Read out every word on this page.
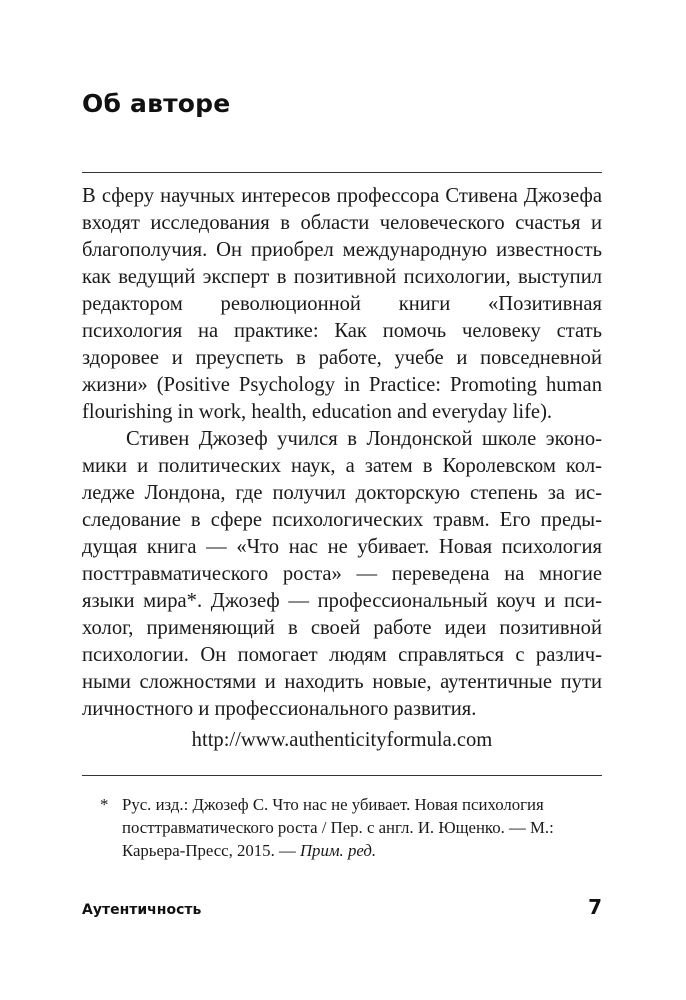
Об авторе

В сферу научных интересов профессора Стивена Джозефа входят исследования в области человеческого счастья и благополучия. Он приобрел международную известность как ведущий эксперт в позитивной психологии, выступил редактором революционной книги «Позитивная психология на практике: Как помочь человеку стать здоровее и преуспеть в работе, учебе и повседневной жизни» (Positive Psychology in Practice: Promoting human flourishing in work, health, education and everyday life).

Стивен Джозеф учился в Лондонской школе экономики и политических наук, а затем в Королевском колледже Лондона, где получил докторскую степень за исследование в сфере психологических травм. Его предыдущая книга — «Что нас не убивает. Новая психология посттравматического роста» — переведена на многие языки мира*. Джозеф — профессиональный коуч и психолог, применяющий в своей работе идеи позитивной психологии. Он помогает людям справляться с различными сложностями и находить новые, аутентичные пути личностного и профессионального развития.

http://www.authenticityformula.com
* Рус. изд.: Джозеф С. Что нас не убивает. Новая психология посттравматического роста / Пер. с англ. И. Ющенко. — М.: Карьера-Пресс, 2015. — Прим. ред.
Аутентичность	7
